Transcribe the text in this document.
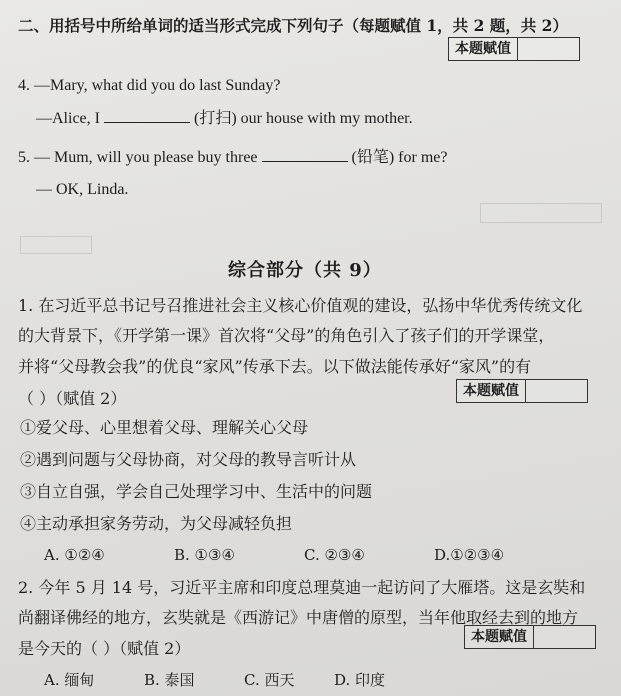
二、用括号中所给单词的适当形式完成下列句子（每题赋值 1，共 2 题，共 2）
本题赋值
4. —Mary, what did you do last Sunday?
—Alice, I	(打扫) our house with my mother.
5. — Mum, will you please buy three	(铅笔) for me?
— OK, Linda.
综合部分（共 9）
1. 在习近平总书记号召推进社会主义核心价值观的建设，弘扬中华优秀传统文化
的大背景下，《开学第一课》首次将“父母”的角色引入了孩子们的开学课堂，
并将“父母教会我”的优良“家风”传承下去。以下做法能传承好“家风”的有
（ ）（赋值 2）	本题赋值
①爱父母、心里想着父母、理解关心父母
②遇到问题与父母协商，对父母的教导言听计从
③自立自强，学会自己处理学习中、生活中的问题
④主动承担家务劳动，为父母减轻负担
A. ①②④	B. ①③④	C. ②③④	D.①②③④
2. 今年 5 月 14 号，习近平主席和印度总理莫迪一起访问了大雁塔。这是玄奘和
尚翻译佛经的地方，玄奘就是《西游记》中唐僧的原型，当年他取经去到的地方
是今天的（ ）（赋值 2）
本题赋值
A. 缅甸	B. 泰国	C. 西天	D. 印度
